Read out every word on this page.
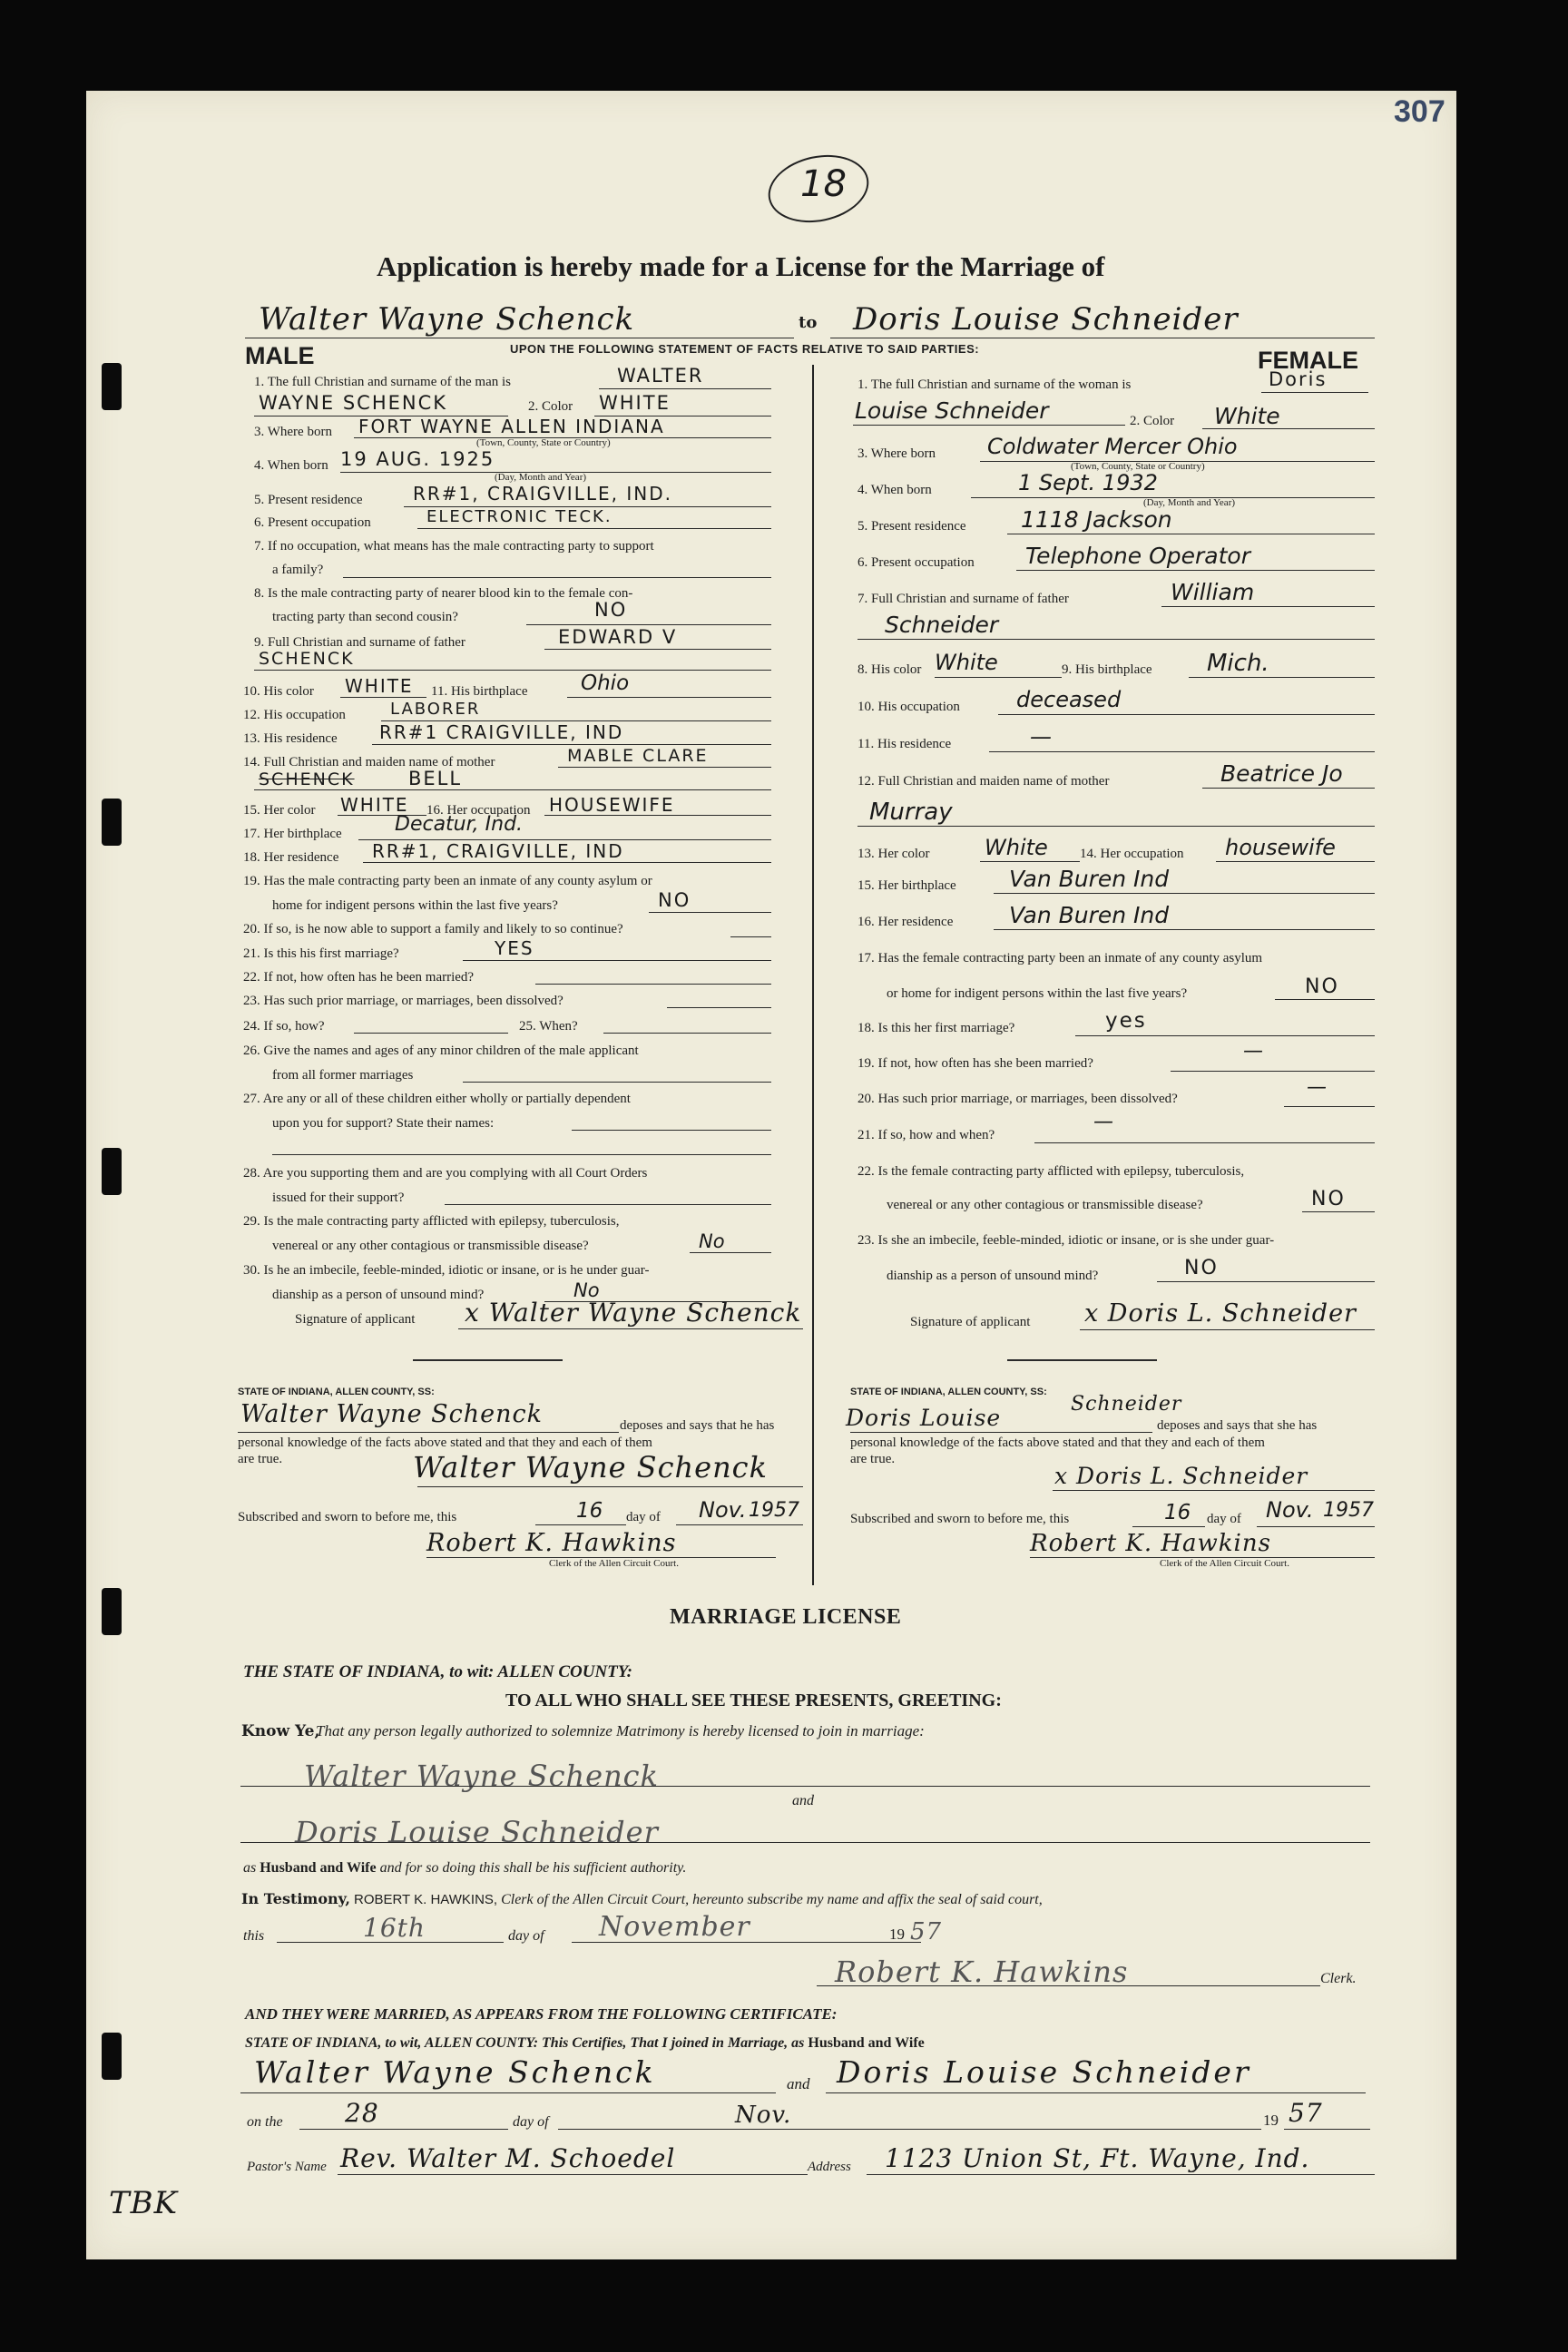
307
18
Application is hereby made for a License for the Marriage of
Walter Wayne Schenck	to Doris Louise Schneider
UPON THE FOLLOWING STATEMENT OF FACTS RELATIVE TO SAID PARTIES:
MALE	FEMALE
1. The full Christian and surname of the man is	WALTER
WAYNE SCHENCK	2. Color WHITE
3. Where born FORT WAYNE ALLEN INDIANA
(Town, County, State or Country)
4. When born 19 AUG. 1925
(Day, Month and Year)
5. Present residence	RR#1, CRAIGVILLE, IND.
6. Present occupation	ELECTRONIC TECK.
7. If no occupation, what means has the male contracting party to support
a family?
8. Is the male contracting party of nearer blood kin to the female con-
tracting party than second cousin?	NO
9. Full Christian and surname of father	EDWARD V
SCHENCK
10. His color WHITE 11. His birthplace	Ohio
12. His occupation	LABORER
13. His residence RR#1 CRAIGVILLE, IND
14. Full Christian and maiden name of mother	MABLE CLARE
SCHENCK	BELL
15. Her color WHITE 16. Her occupation HOUSEWIFE
17. Her birthplace	Decatur, Ind.
18. Her residence RR#1, CRAIGVILLE, IND
19. Has the male contracting party been an inmate of any county asylum or
home for indigent persons within the last five years?	NO
20. If so, is he now able to support a family and likely to so continue?
21. Is this his first marriage?	YES
22. If not, how often has he been married?
23. Has such prior marriage, or marriages, been dissolved?
24. If so, how?	25. When?
26. Give the names and ages of any minor children of the male applicant
from all former marriages
27. Are any or all of these children either wholly or partially dependent
upon you for support? State their names:
28. Are you supporting them and are you complying with all Court Orders
issued for their support?
29. Is the male contracting party afflicted with epilepsy, tuberculosis,
venereal or any other contagious or transmissible disease?	No
30. Is he an imbecile, feeble-minded, idiotic or insane, or is he under guar-
dianship as a person of unsound mind?	No
Signature of applicant x Walter Wayne Schenck
1. The full Christian and surname of the woman is	Doris
Louise Schneider	2. Color White
3. Where born Coldwater Mercer Ohio
(Town, County, State or Country)
4. When born	1 Sept. 1932
(Day, Month and Year)
5. Present residence 1118 Jackson
6. Present occupation Telephone Operator
7. Full Christian and surname of father	William
Schneider
8. His color White	9. His birthplace Mich.
10. His occupation	deceased
11. His residence	—
12. Full Christian and maiden name of mother	Beatrice Jo
Murray
13. Her color	White 14. Her occupation housewife
15. Her birthplace Van Buren Ind
16. Her residence Van Buren Ind
17. Has the female contracting party been an inmate of any county asylum
or home for indigent persons within the last five years?	NO
18. Is this her first marriage?	yes
19. If not, how often has she been married?
—
20. Has such prior marriage, or marriages, been dissolved?	—
21. If so, how and when?
—
22. Is the female contracting party afflicted with epilepsy, tuberculosis,
venereal or any other contagious or transmissible disease?	NO
23. Is she an imbecile, feeble-minded, idiotic or insane, or is she under guar-
dianship as a person of unsound mind?	NO
Signature of applicant x Doris L. Schneider
STATE OF INDIANA, ALLEN COUNTY, SS:
Walter Wayne Schenck	deposes and says that he has
personal knowledge of the facts above stated and that they and each of them
are true.	Walter Wayne Schenck
Subscribed and sworn to before me, this	16 day of Nov. 1957
Robert K. Hawkins
Clerk of the Allen Circuit Court.
STATE OF INDIANA, ALLEN COUNTY, SS:
Doris Louise
Schneider
deposes and says that she has
personal knowledge of the facts above stated and that they and each of them
are true.
x Doris L. Schneider
Subscribed and sworn to before me, this	16 day of Nov. 1957
Robert K. Hawkins
Clerk of the Allen Circuit Court.
MARRIAGE LICENSE
THE STATE OF INDIANA, to wit: ALLEN COUNTY:
TO ALL WHO SHALL SEE THESE PRESENTS, GREETING:
Know Ye,
That any person legally authorized to solemnize Matrimony is hereby licensed to join in marriage:
Walter Wayne Schenck
and
Doris Louise Schneider
as Husband and Wife and for so doing this shall be his sufficient authority.
In Testimony, ROBERT K. HAWKINS, Clerk of the Allen Circuit Court, hereunto subscribe my name and affix the seal of said court,
this	16th	day of November	19 57
Robert K. Hawkins	Clerk.
AND THEY WERE MARRIED, AS APPEARS FROM THE FOLLOWING CERTIFICATE:
STATE OF INDIANA, to wit, ALLEN COUNTY: This Certifies, That I joined in Marriage, as Husband and Wife
Walter Wayne Schenck	and Doris Louise Schneider
on the 28	day of	Nov.	19 57
Pastor's Name Rev. Walter M. Schoedel	Address 1123 Union St, Ft. Wayne, Ind.
TBK
